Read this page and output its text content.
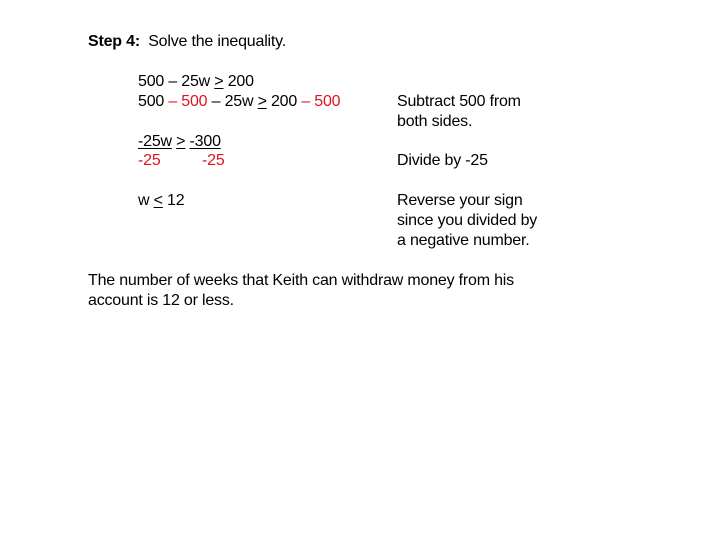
Step 4: Solve the inequality.
500 – 25w > 200
500 – 500 – 25w > 200 – 500	Subtract 500 from
both sides.
-25w > -300
-25	-25	Divide by -25
w < 12	Reverse your sign
since you divided by
a negative number.
The number of weeks that Keith can withdraw money from his
account is 12 or less.
